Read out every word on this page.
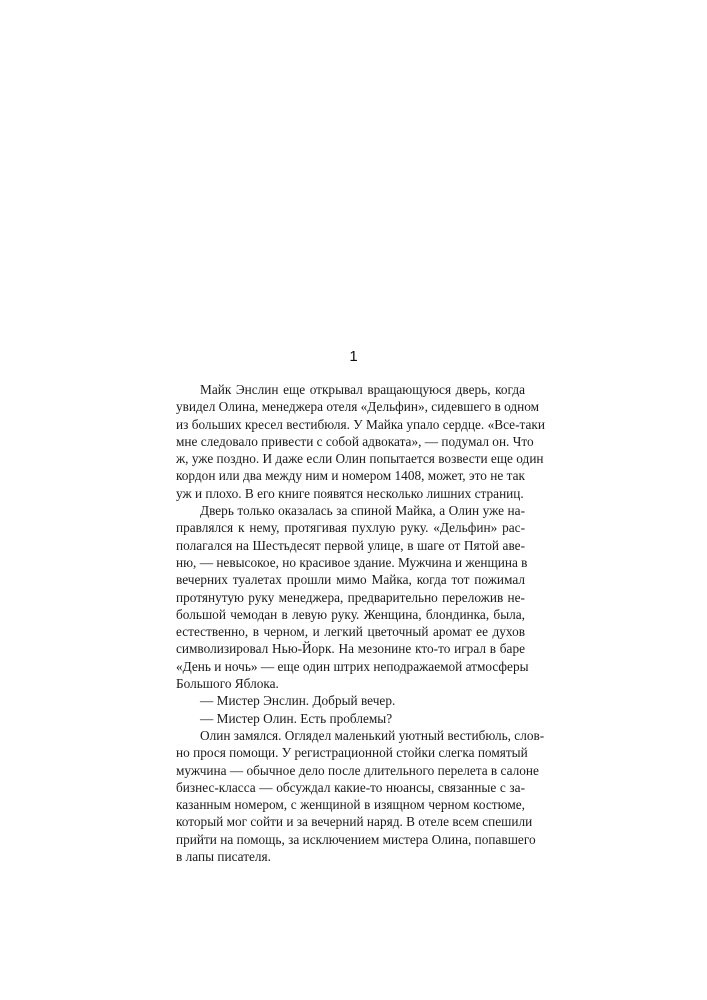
1
Майк Энслин еще открывал вращающуюся дверь, когда
увидел Олина, менеджера отеля «Дельфин», сидевшего в одном
из больших кресел вестибюля. У Майка упало сердце. «Все-таки
мне следовало привести с собой адвоката», — подумал он. Что
ж, уже поздно. И даже если Олин попытается возвести еще один
кордон или два между ним и номером 1408, может, это не так
уж и плохо. В его книге появятся несколько лишних страниц.
Дверь только оказалась за спиной Майка, а Олин уже на-
правлялся к нему, протягивая пухлую руку. «Дельфин» рас-
полагался на Шестьдесят первой улице, в шаге от Пятой аве-
ню, — невысокое, но красивое здание. Мужчина и женщина в
вечерних туалетах прошли мимо Майка, когда тот пожимал
протянутую руку менеджера, предварительно переложив не-
большой чемодан в левую руку. Женщина, блондинка, была,
естественно, в черном, и легкий цветочный аромат ее духов
символизировал Нью-Йорк. На мезонине кто-то играл в баре
«День и ночь» — еще один штрих неподражаемой атмосферы
Большого Яблока.
— Мистер Энслин. Добрый вечер.
— Мистер Олин. Есть проблемы?
Олин замялся. Оглядел маленький уютный вестибюль, слов-
но прося помощи. У регистрационной стойки слегка помятый
мужчина — обычное дело после длительного перелета в салоне
бизнес-класса — обсуждал какие-то нюансы, связанные с за-
казанным номером, с женщиной в изящном черном костюме,
который мог сойти и за вечерний наряд. В отеле всем спешили
прийти на помощь, за исключением мистера Олина, попавшего
в лапы писателя.
